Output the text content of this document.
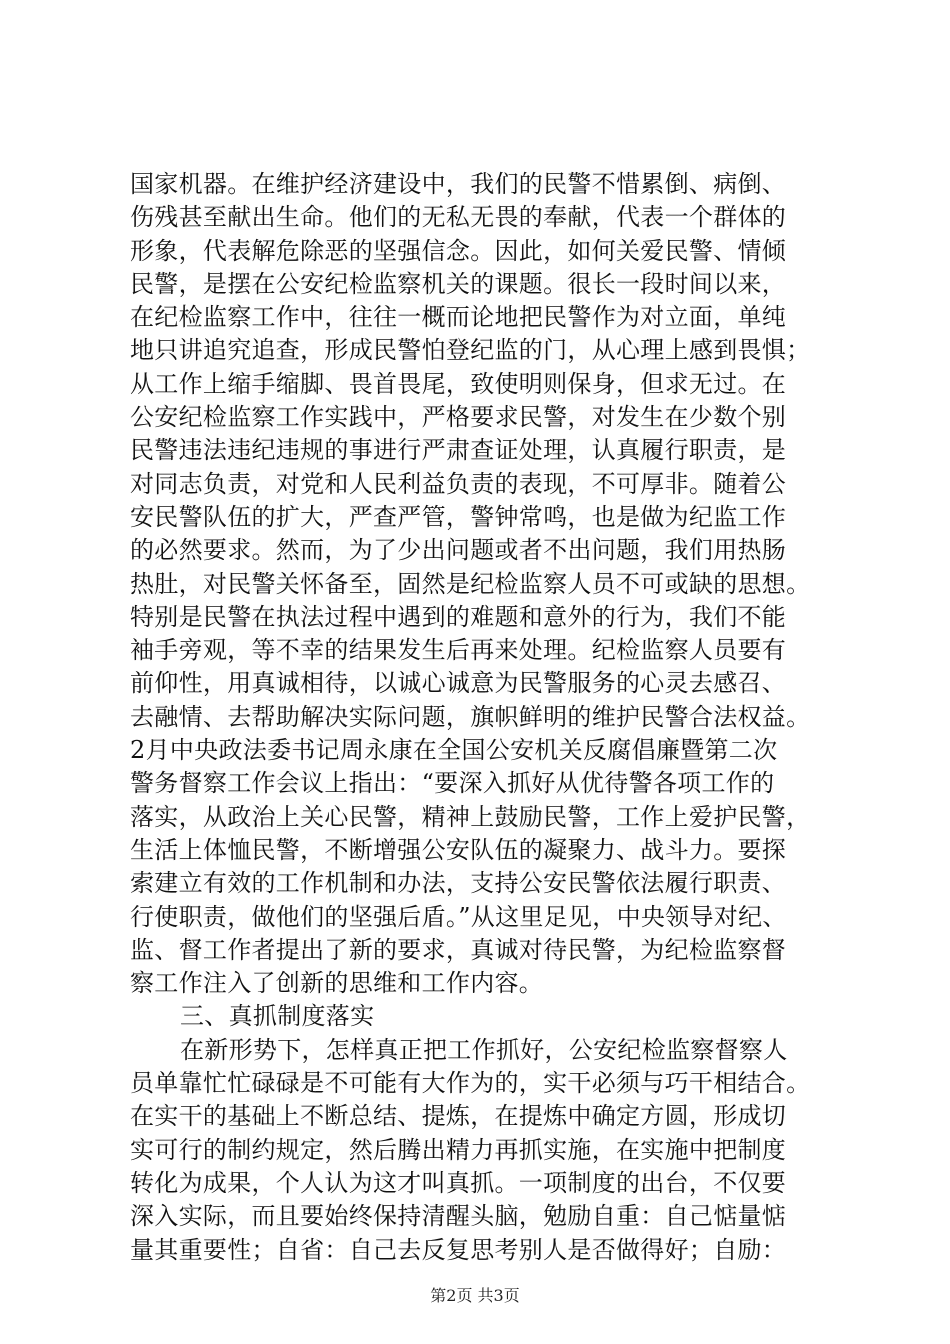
国家机器。在维护经济建设中，我们的民警不惜累倒、病倒、
伤残甚至献出生命。他们的无私无畏的奉献，代表一个群体的
形象，代表解危除恶的坚强信念。因此，如何关爱民警、情倾
民警，是摆在公安纪检监察机关的课题。很长一段时间以来，
在纪检监察工作中，往往一概而论地把民警作为对立面，单纯
地只讲追究追查，形成民警怕登纪监的门，从心理上感到畏惧；
从工作上缩手缩脚、畏首畏尾，致使明则保身，但求无过。在
公安纪检监察工作实践中，严格要求民警，对发生在少数个别
民警违法违纪违规的事进行严肃查证处理，认真履行职责，是
对同志负责，对党和人民利益负责的表现，不可厚非。随着公
安民警队伍的扩大，严查严管，警钟常鸣，也是做为纪监工作
的必然要求。然而，为了少出问题或者不出问题，我们用热肠
热肚，对民警关怀备至，固然是纪检监察人员不可或缺的思想。
特别是民警在执法过程中遇到的难题和意外的行为，我们不能
袖手旁观，等不幸的结果发生后再来处理。纪检监察人员要有
前仰性，用真诚相待，以诚心诚意为民警服务的心灵去感召、
去融情、去帮助解决实际问题，旗帜鲜明的维护民警合法权益。
2月中央政法委书记周永康在全国公安机关反腐倡廉暨第二次
警务督察工作会议上指出：“要深入抓好从优待警各项工作的
落实，从政治上关心民警，精神上鼓励民警，工作上爱护民警，
生活上体恤民警，不断增强公安队伍的凝聚力、战斗力。要探
索建立有效的工作机制和办法，支持公安民警依法履行职责、
行使职责，做他们的坚强后盾。”从这里足见，中央领导对纪、
监、督工作者提出了新的要求，真诚对待民警，为纪检监察督
察工作注入了创新的思维和工作内容。
三、真抓制度落实
在新形势下，怎样真正把工作抓好，公安纪检监察督察人
员单靠忙忙碌碌是不可能有大作为的，实干必须与巧干相结合。
在实干的基础上不断总结、提炼，在提炼中确定方圆，形成切
实可行的制约规定，然后腾出精力再抓实施，在实施中把制度
转化为成果，个人认为这才叫真抓。一项制度的出台，不仅要
深入实际，而且要始终保持清醒头脑，勉励自重：自己惦量惦
量其重要性；自省：自己去反复思考别人是否做得好；自励：
第2页 共3页
